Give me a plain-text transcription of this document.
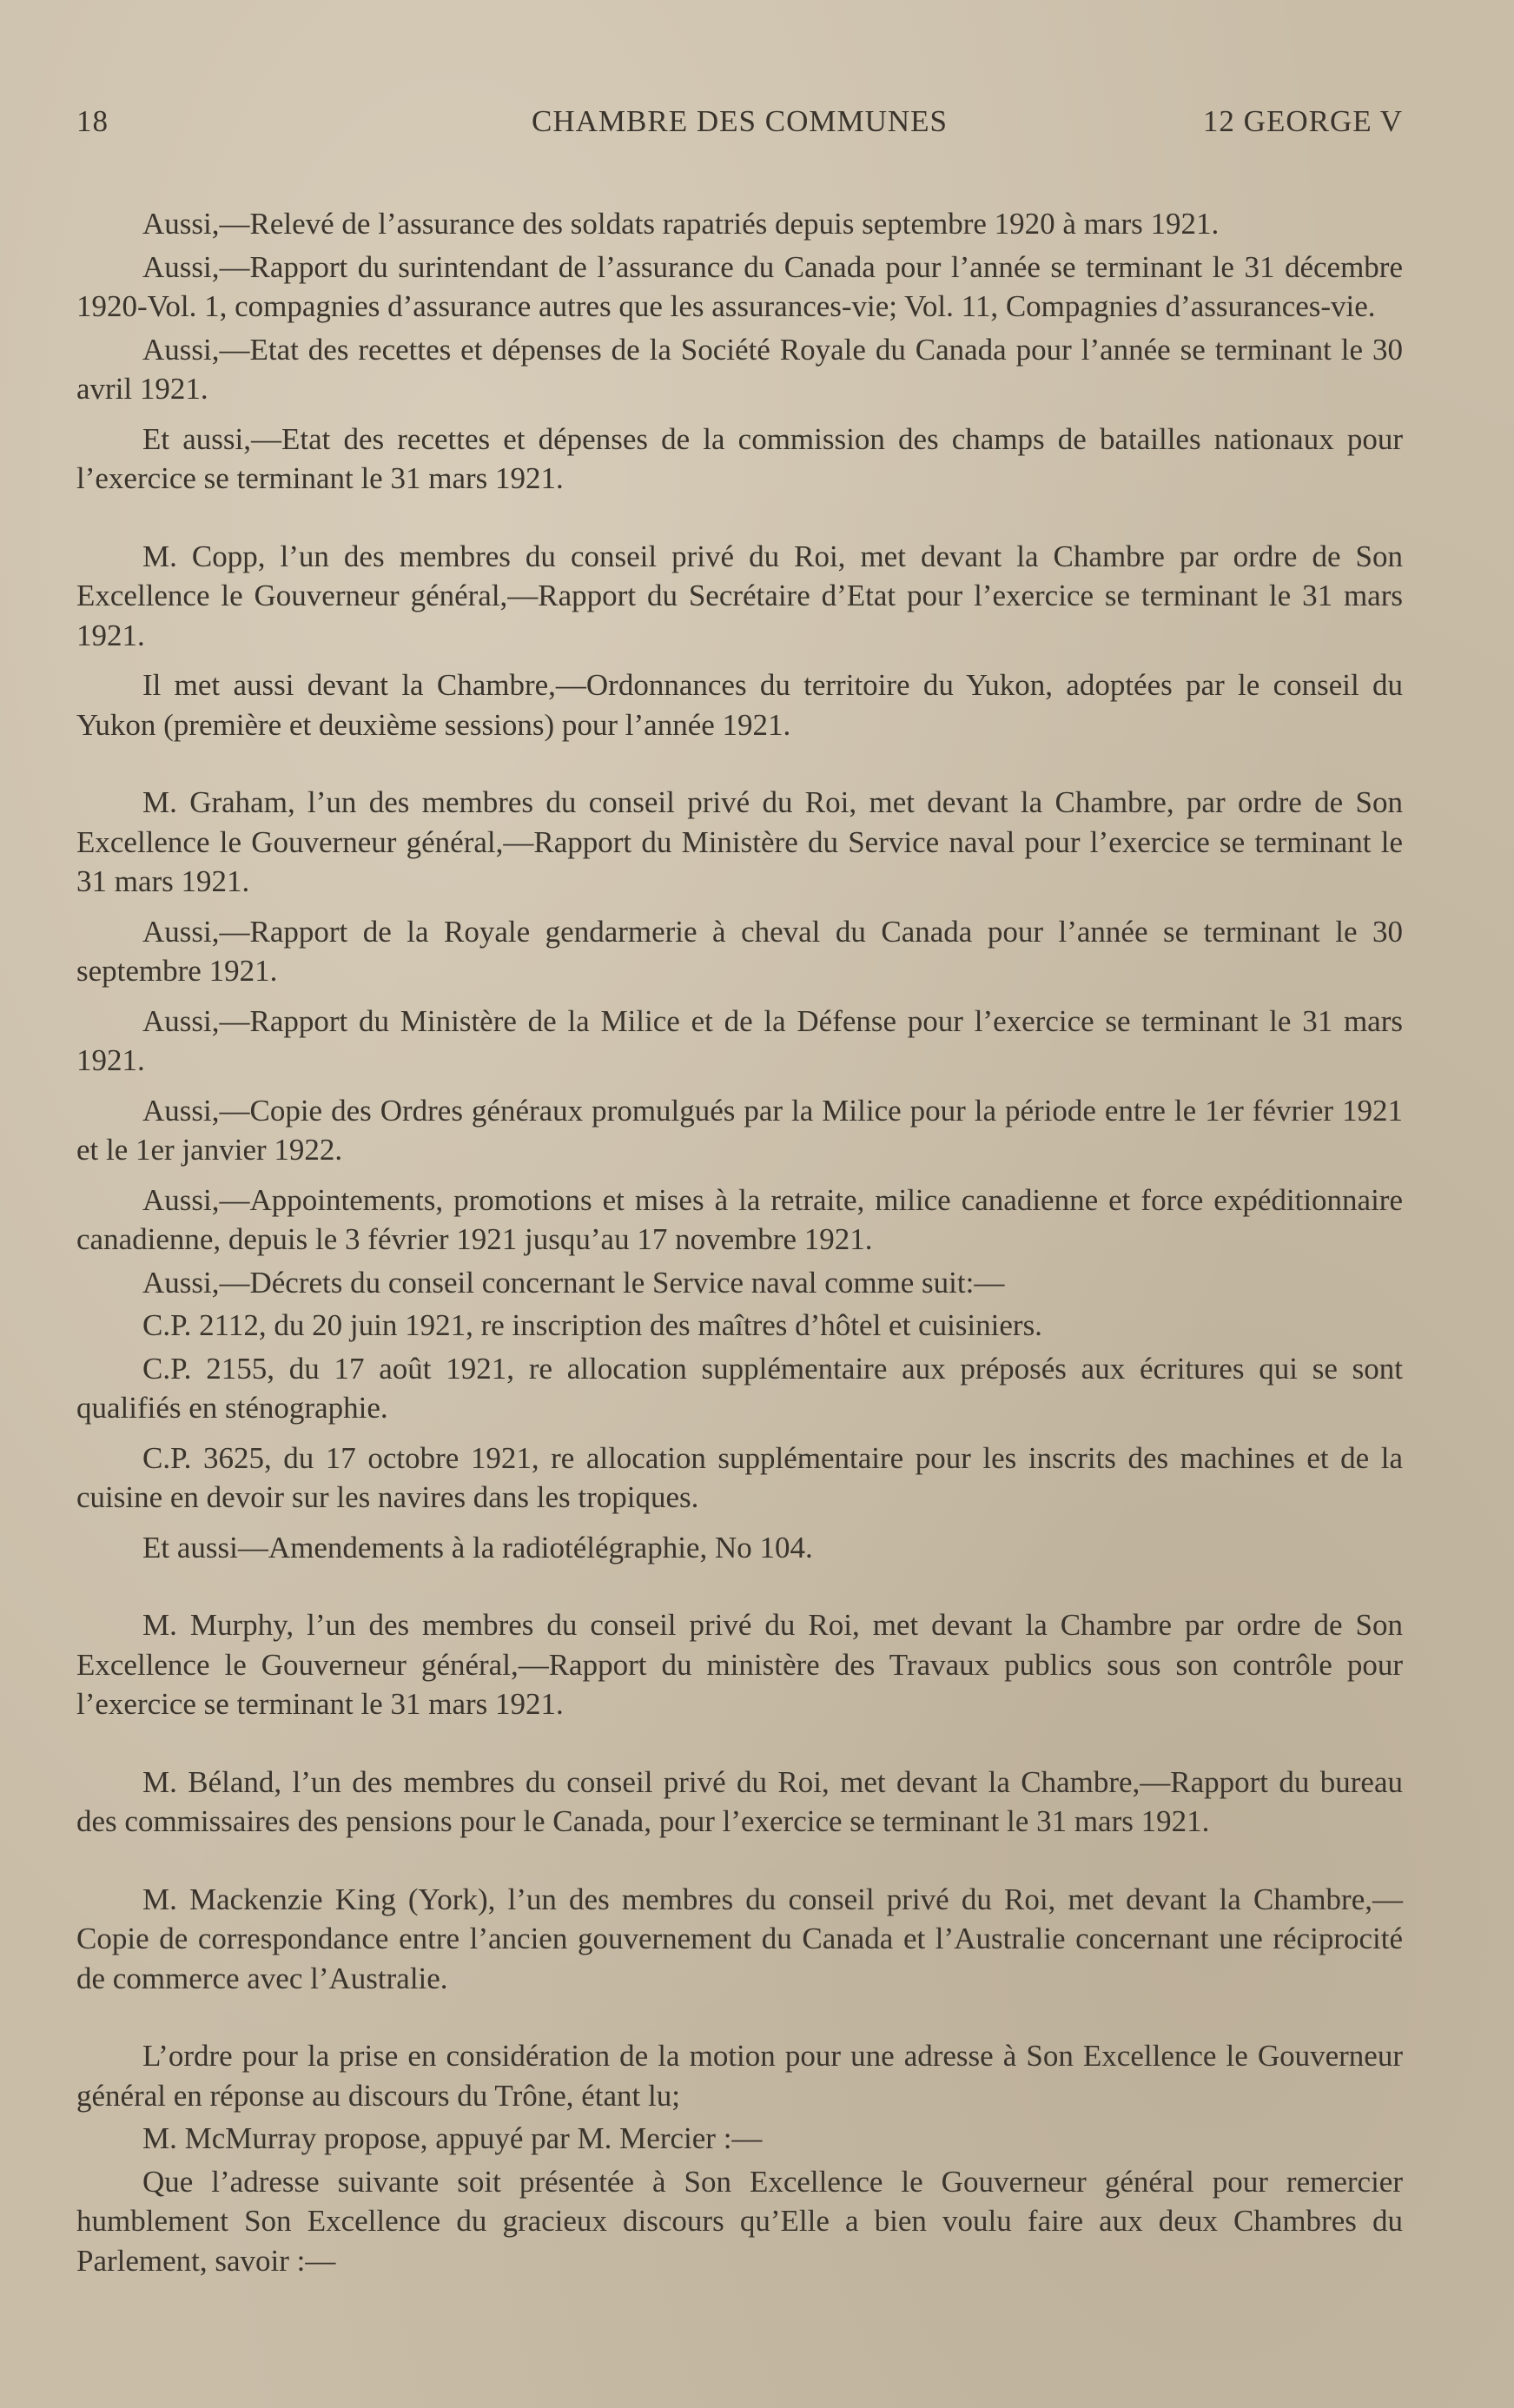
18	CHAMBRE DES COMMUNES	12 GEORGE V

Aussi,—Relevé de l’assurance des soldats rapatriés depuis septembre 1920 à mars 1921.

Aussi,—Rapport du surintendant de l’assurance du Canada pour l’année se terminant le 31 décembre 1920-Vol. 1, compagnies d’assurance autres que les assurances-vie; Vol. 11, Compagnies d’assurances-vie.

Aussi,—Etat des recettes et dépenses de la Société Royale du Canada pour l’année se terminant le 30 avril 1921.

Et aussi,—Etat des recettes et dépenses de la commission des champs de batailles nationaux pour l’exercice se terminant le 31 mars 1921.

M. Copp, l’un des membres du conseil privé du Roi, met devant la Chambre par ordre de Son Excellence le Gouverneur général,—Rapport du Secrétaire d’Etat pour l’exercice se terminant le 31 mars 1921.

Il met aussi devant la Chambre,—Ordonnances du territoire du Yukon, adoptées par le conseil du Yukon (première et deuxième sessions) pour l’année 1921.

M. Graham, l’un des membres du conseil privé du Roi, met devant la Chambre, par ordre de Son Excellence le Gouverneur général,—Rapport du Ministère du Service naval pour l’exercice se terminant le 31 mars 1921.

Aussi,—Rapport de la Royale gendarmerie à cheval du Canada pour l’année se terminant le 30 septembre 1921.

Aussi,—Rapport du Ministère de la Milice et de la Défense pour l’exercice se terminant le 31 mars 1921.

Aussi,—Copie des Ordres généraux promulgués par la Milice pour la période entre le 1er février 1921 et le 1er janvier 1922.

Aussi,—Appointements, promotions et mises à la retraite, milice canadienne et force expéditionnaire canadienne, depuis le 3 février 1921 jusqu’au 17 novembre 1921.

Aussi,—Décrets du conseil concernant le Service naval comme suit:—

C.P. 2112, du 20 juin 1921, re inscription des maîtres d’hôtel et cuisiniers.

C.P. 2155, du 17 août 1921, re allocation supplémentaire aux préposés aux écritures qui se sont qualifiés en sténographie.

C.P. 3625, du 17 octobre 1921, re allocation supplémentaire pour les inscrits des machines et de la cuisine en devoir sur les navires dans les tropiques.

Et aussi—Amendements à la radiotélégraphie, No 104.

M. Murphy, l’un des membres du conseil privé du Roi, met devant la Chambre par ordre de Son Excellence le Gouverneur général,—Rapport du ministère des Travaux publics sous son contrôle pour l’exercice se terminant le 31 mars 1921.

M. Béland, l’un des membres du conseil privé du Roi, met devant la Chambre,—Rapport du bureau des commissaires des pensions pour le Canada, pour l’exercice se terminant le 31 mars 1921.

M. Mackenzie King (York), l’un des membres du conseil privé du Roi, met devant la Chambre,—Copie de correspondance entre l’ancien gouvernement du Canada et l’Australie concernant une réciprocité de commerce avec l’Australie.

L’ordre pour la prise en considération de la motion pour une adresse à Son Excellence le Gouverneur général en réponse au discours du Trône, étant lu;

M. McMurray propose, appuyé par M. Mercier :—

Que l’adresse suivante soit présentée à Son Excellence le Gouverneur général pour remercier humblement Son Excellence du gracieux discours qu’Elle a bien voulu faire aux deux Chambres du Parlement, savoir :—
